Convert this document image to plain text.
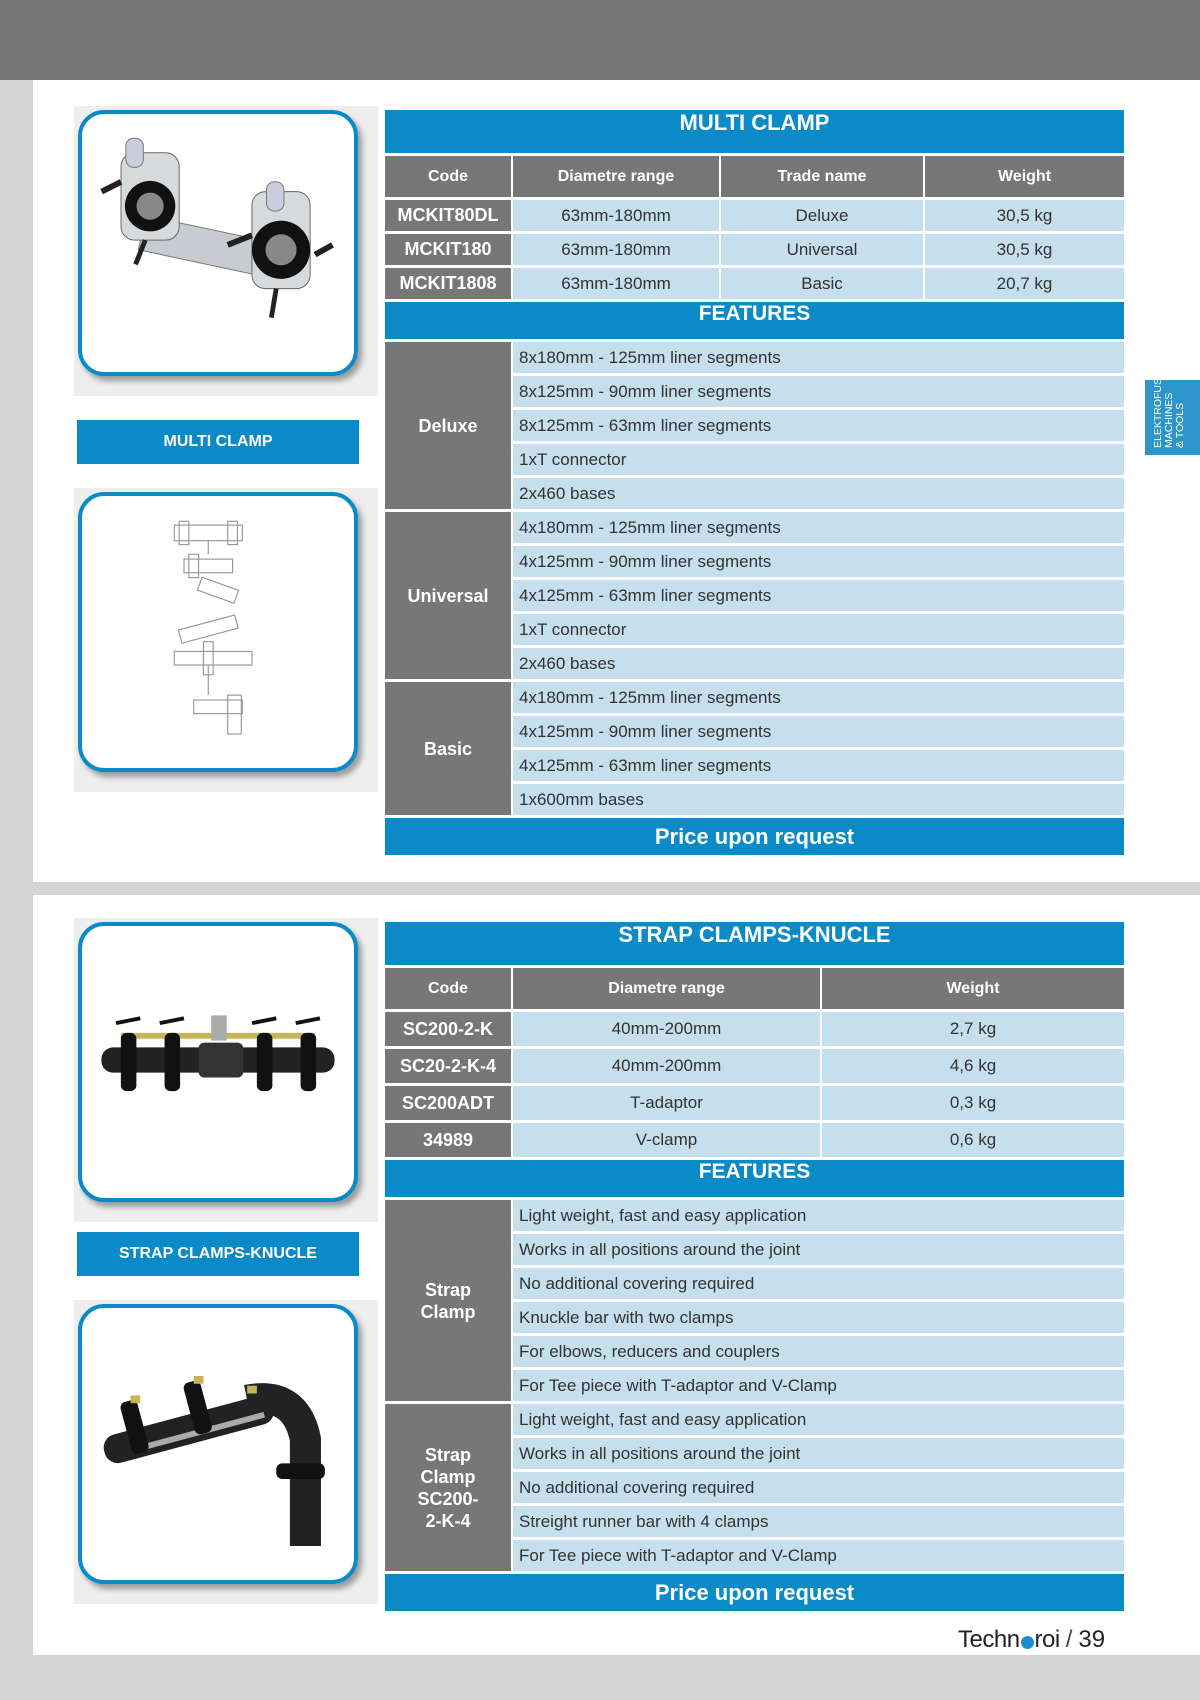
ELEKTROFUSION MACHINES & TOOLS
MULTI CLAMP
MULTI CLAMP
Code	Diametre range	Trade name	Weight
MCKIT80DL	63mm-180mm	Deluxe	30,5 kg
MCKIT180	63mm-180mm	Universal	30,5 kg
MCKIT1808	63mm-180mm	Basic	20,7 kg
FEATURES
Deluxe
8x180mm - 125mm liner segments
8x125mm - 90mm liner segments
8x125mm - 63mm liner segments
1xT connector
2x460 bases
Universal
4x180mm - 125mm liner segments
4x125mm - 90mm liner segments
4x125mm - 63mm liner segments
1xT connector
2x460 bases
Basic
4x180mm - 125mm liner segments
4x125mm - 90mm liner segments
4x125mm - 63mm liner segments
1x600mm bases
Price upon request
STRAP CLAMPS-KNUCLE
STRAP CLAMPS-KNUCLE
Code	Diametre range	Weight
SC200-2-K	40mm-200mm	2,7 kg
SC20-2-K-4	40mm-200mm	4,6 kg
SC200ADT	T-adaptor	0,3 kg
34989	V-clamp	0,6 kg
FEATURES
Strap
Clamp
Light weight, fast and easy application
Works in all positions around the joint
No additional covering required
Knuckle bar with two clamps
For elbows, reducers and couplers
For Tee piece with T-adaptor and V-Clamp
Strap
Clamp
SC200-
2-K-4
Light weight, fast and easy application
Works in all positions around the joint
No additional covering required
Streight runner bar with 4 clamps
For Tee piece with T-adaptor and V-Clamp
Price upon request
Techn roi / 39
